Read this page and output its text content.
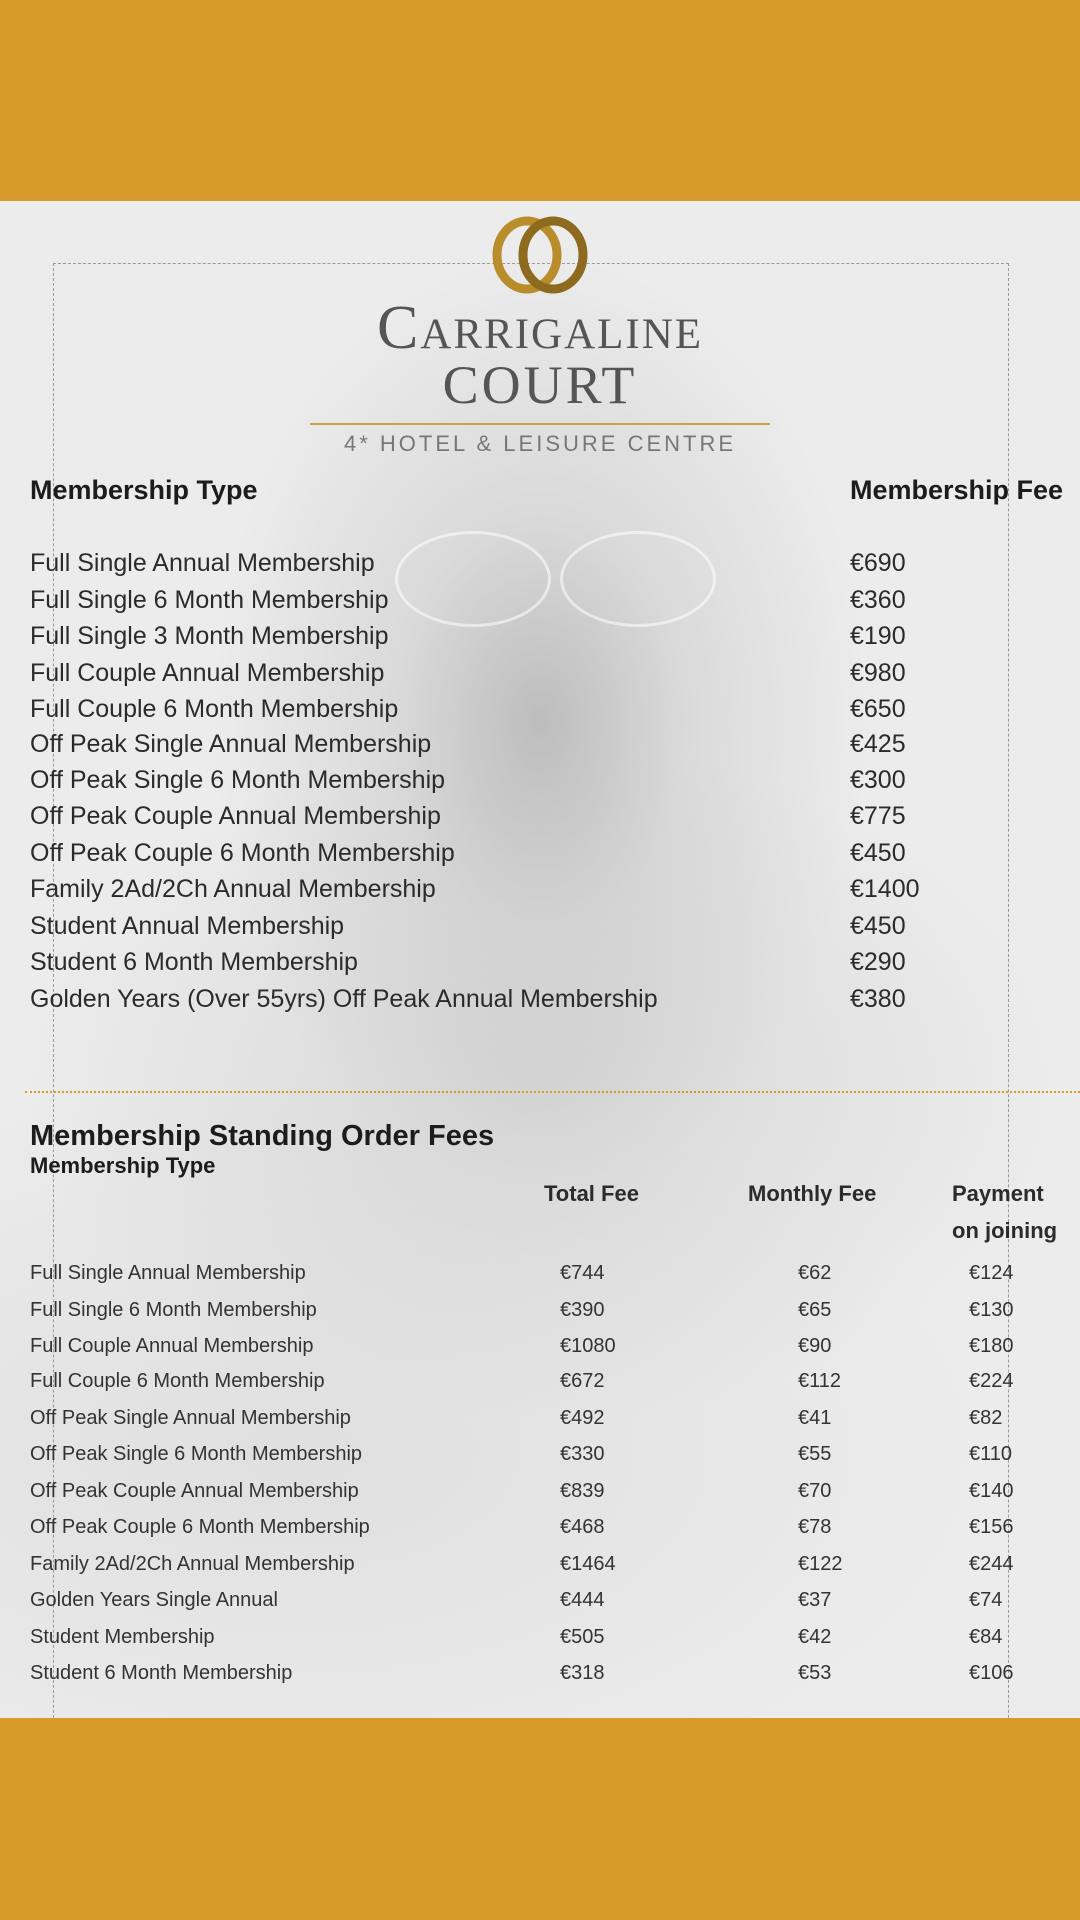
Carrigaline
COURT
4* HOTEL & LEISURE CENTRE
Membership Type	Membership Fee
Full Single Annual Membership	€690
Full Single 6 Month Membership	€360
Full Single 3 Month Membership	€190
Full Couple Annual Membership	€980
Full Couple 6 Month Membership	€650
Off Peak Single Annual Membership	€425
Off Peak Single 6 Month Membership	€300
Off Peak Couple Annual Membership	€775
Off Peak Couple 6 Month Membership	€450
Family 2Ad/2Ch Annual Membership	€1400
Student Annual Membership	€450
Student 6 Month Membership	€290
Golden Years (Over 55yrs) Off Peak Annual Membership	€380
Membership Standing Order Fees
Membership Type
Total Fee	Monthly Fee	Payment
on joining
Full Single Annual Membership	€744	€62	€124
Full Single 6 Month Membership	€390	€65	€130
Full Couple Annual Membership	€1080	€90	€180
Full Couple 6 Month Membership	€672	€112	€224
Off Peak Single Annual Membership	€492	€41	€82
Off Peak Single 6 Month Membership	€330	€55	€110
Off Peak Couple Annual Membership	€839	€70	€140
Off Peak Couple 6 Month Membership	€468	€78	€156
Family 2Ad/2Ch Annual Membership	€1464	€122	€244
Golden Years Single Annual	€444	€37	€74
Student Membership	€505	€42	€84
Student 6 Month Membership	€318	€53	€106
